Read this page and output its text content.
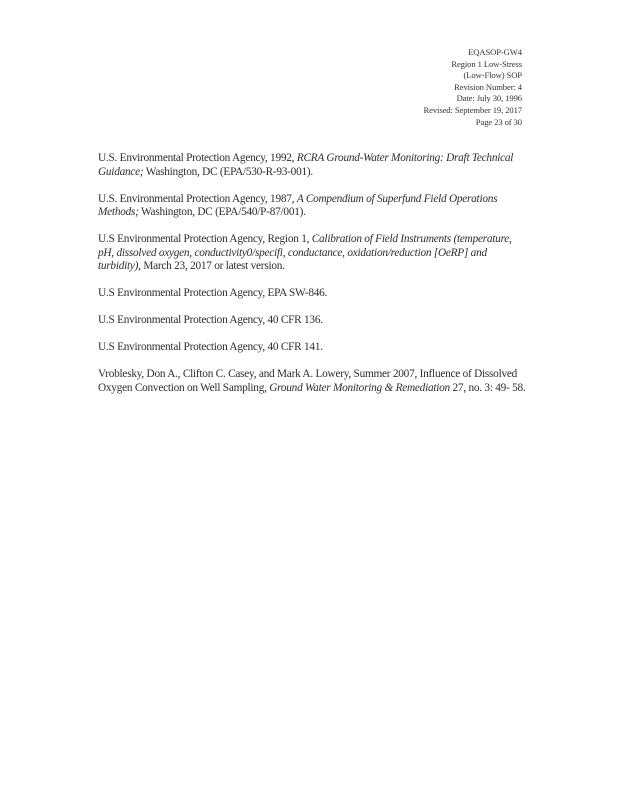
EQASOP-GW4
Region 1 Low-Stress
(Low-Flow) SOP
Revision Number: 4
Date: July 30, 1996
Revised: September 19, 2017
Page 23 of 30

U.S. Environmental Protection Agency, 1992, RCRA Ground-Water Monitoring: Draft Technical Guidance; Washington, DC (EPA/530-R-93-001).

U.S. Environmental Protection Agency, 1987, A Compendium of Superfund Field Operations Methods; Washington, DC (EPA/540/P-87/001).

U.S Environmental Protection Agency, Region 1, Calibration of Field Instruments (temperature, pH, dissolved oxygen, conductivity0/specifi, conductance, oxidation/reduction [OeRP] and turbidity), March 23, 2017 or latest version.

U.S Environmental Protection Agency, EPA SW-846.

U.S Environmental Protection Agency, 40 CFR 136.

U.S Environmental Protection Agency, 40 CFR 141.

Vroblesky, Don A., Clifton C. Casey, and Mark A. Lowery, Summer 2007, Influence of Dissolved Oxygen Convection on Well Sampling, Ground Water Monitoring & Remediation 27, no. 3: 49- 58.
